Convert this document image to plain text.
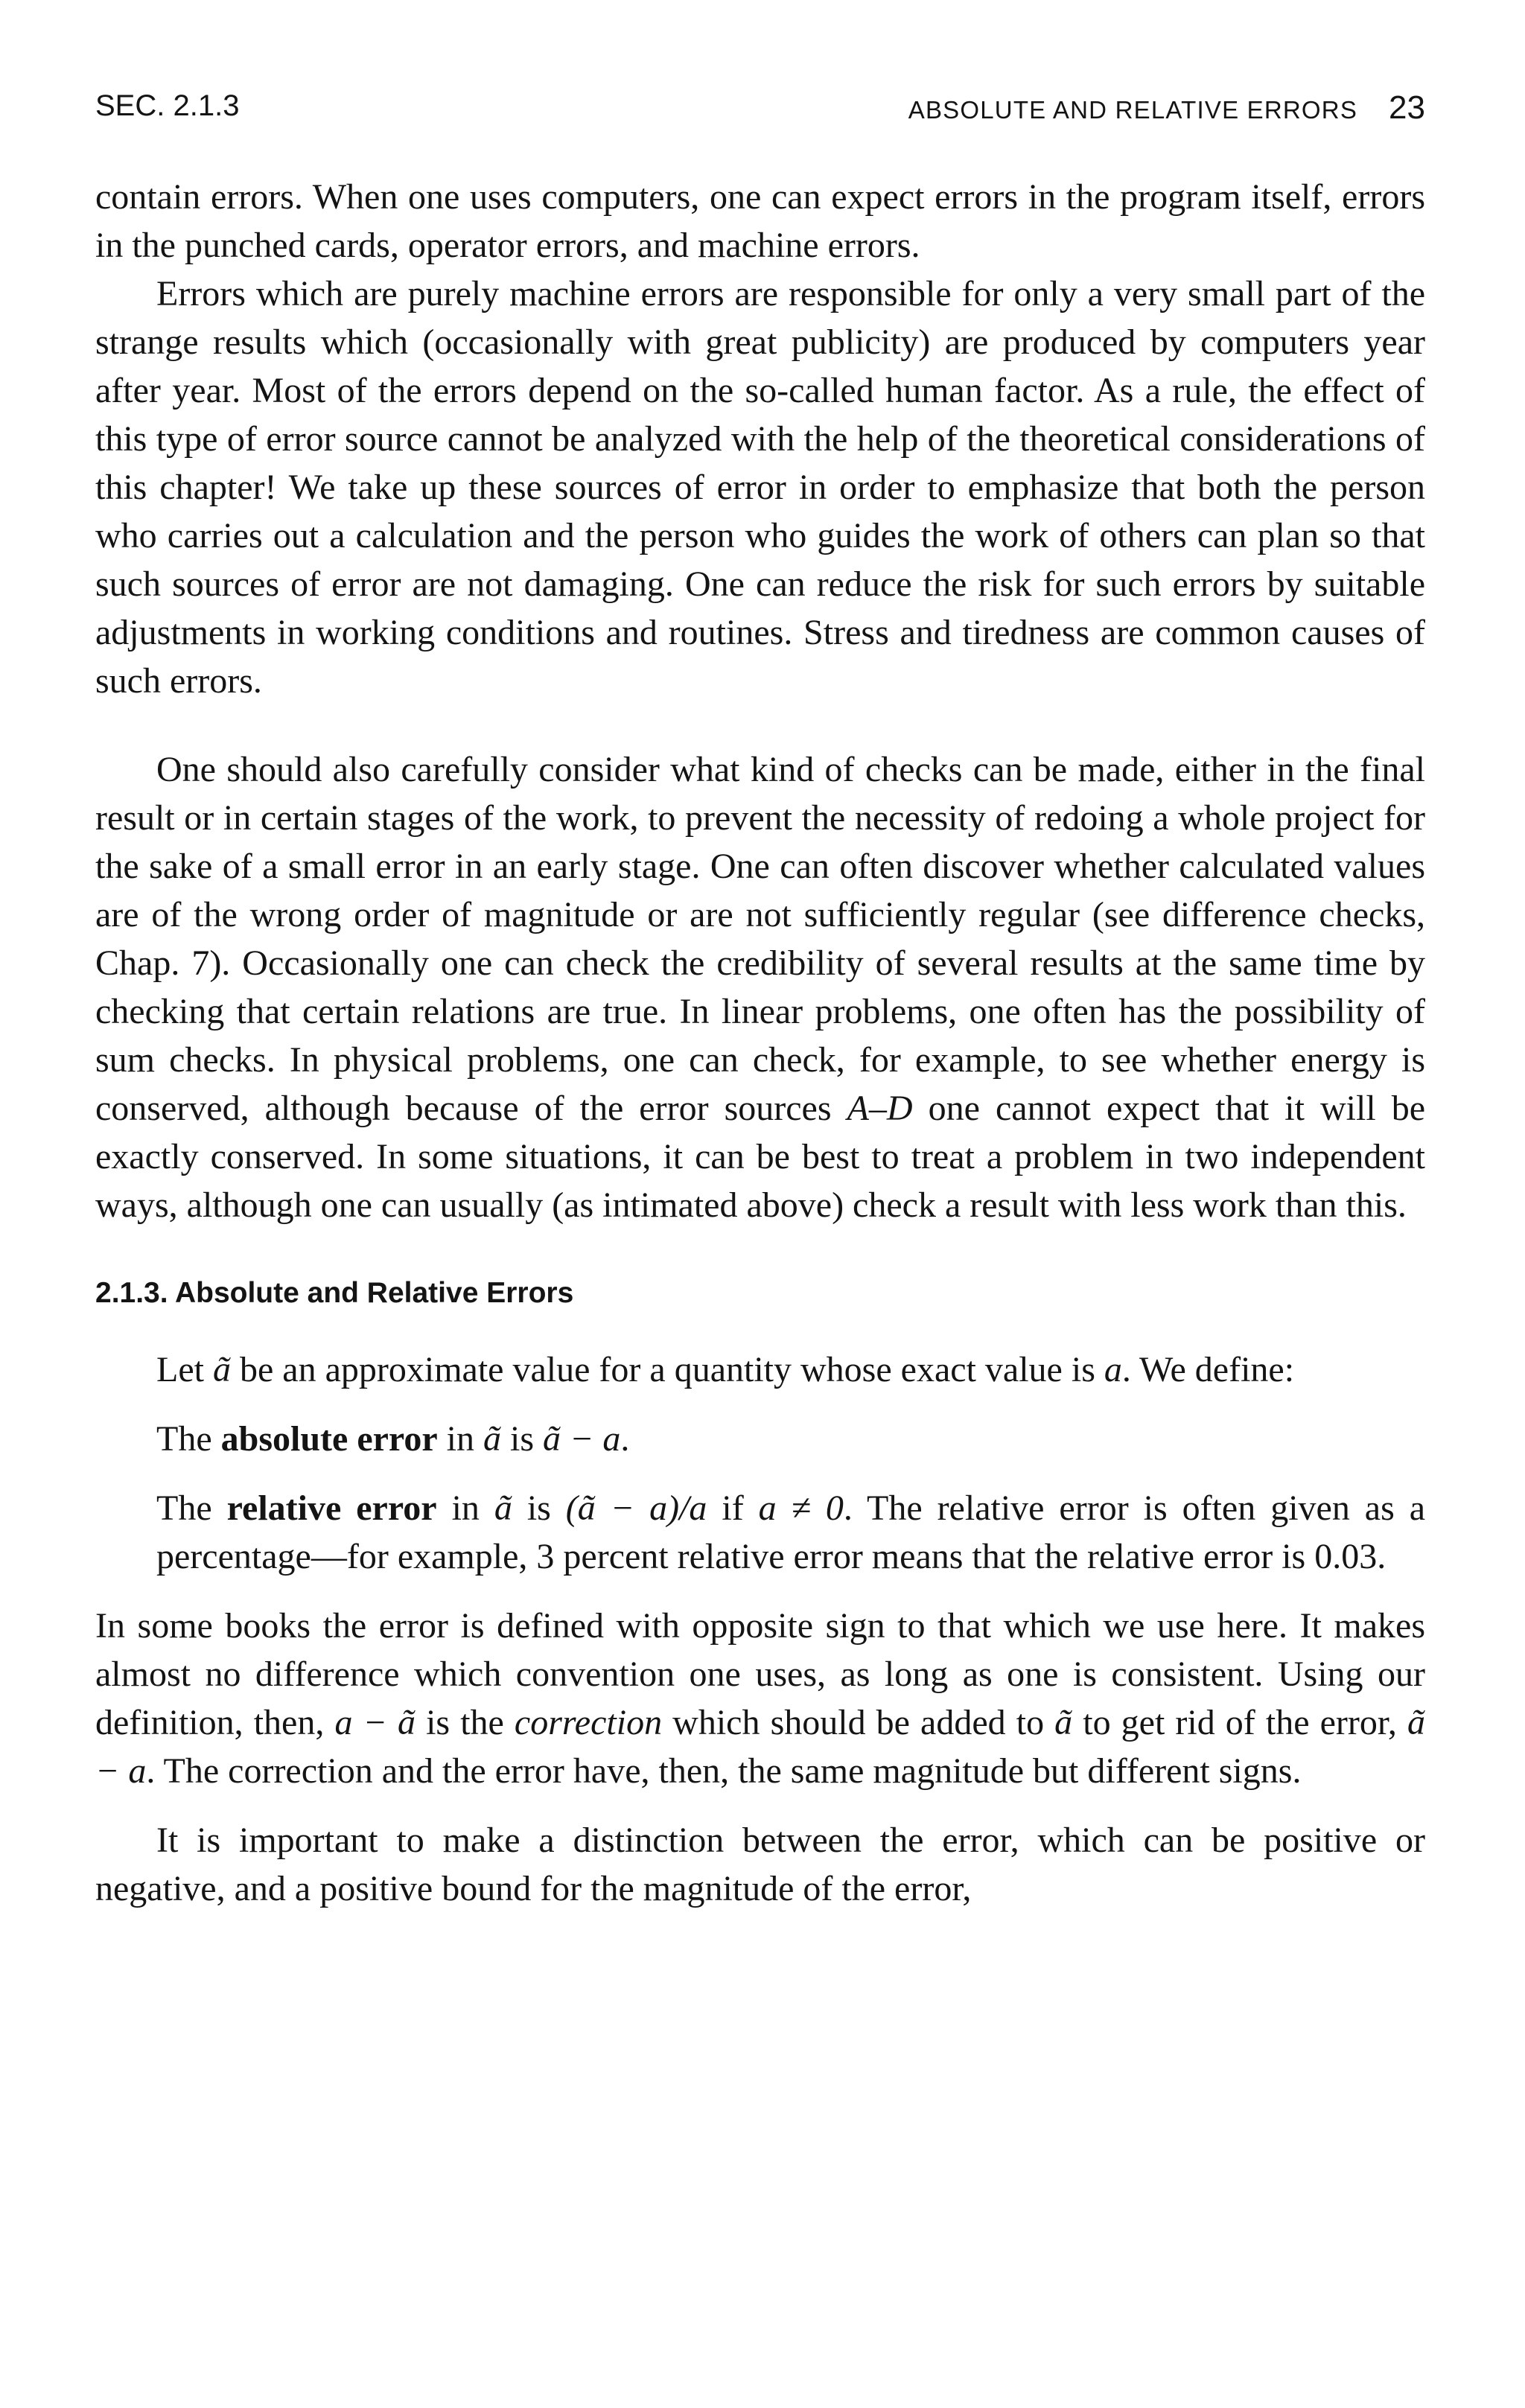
SEC. 2.1.3	ABSOLUTE AND RELATIVE ERRORS 23

contain errors. When one uses computers, one can expect errors in the program itself, errors in the punched cards, operator errors, and machine errors.

Errors which are purely machine errors are responsible for only a very small part of the strange results which (occasionally with great publicity) are produced by computers year after year. Most of the errors depend on the so-called human factor. As a rule, the effect of this type of error source cannot be analyzed with the help of the theoretical considerations of this chapter! We take up these sources of error in order to emphasize that both the person who carries out a calculation and the person who guides the work of others can plan so that such sources of error are not damaging. One can reduce the risk for such errors by suitable adjustments in working conditions and routines. Stress and tiredness are common causes of such errors.

One should also carefully consider what kind of checks can be made, either in the final result or in certain stages of the work, to prevent the necessity of redoing a whole project for the sake of a small error in an early stage. One can often discover whether calculated values are of the wrong order of magnitude or are not sufficiently regular (see difference checks, Chap. 7). Occasionally one can check the credibility of several results at the same time by checking that certain relations are true. In linear problems, one often has the possibility of sum checks. In physical problems, one can check, for example, to see whether energy is conserved, although because of the error sources A–D one cannot expect that it will be exactly conserved. In some situations, it can be best to treat a problem in two independent ways, although one can usually (as intimated above) check a result with less work than this.

2.1.3. Absolute and Relative Errors

Let ã be an approximate value for a quantity whose exact value is a. We define:

The absolute error in ã is ã − a.

The relative error in ã is (ã − a)/a if a ≠ 0. The relative error is often given as a percentage—for example, 3 percent relative error means that the relative error is 0.03.

In some books the error is defined with opposite sign to that which we use here. It makes almost no difference which convention one uses, as long as one is consistent. Using our definition, then, a − ã is the correction which should be added to ã to get rid of the error, ã − a. The correction and the error have, then, the same magnitude but different signs.

It is important to make a distinction between the error, which can be positive or negative, and a positive bound for the magnitude of the error,
